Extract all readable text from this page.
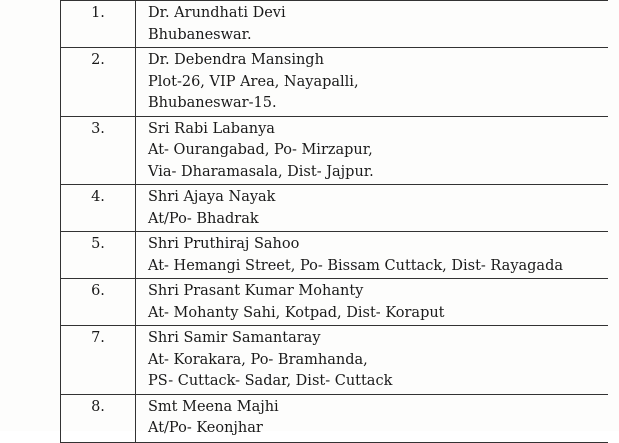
1.	Dr. Arundhati Devi
Bhubaneswar.

2.	Dr. Debendra Mansingh
Plot-26, VIP Area, Nayapalli,
Bhubaneswar-15.

3.	Sri Rabi Labanya
At- Ourangabad, Po- Mirzapur,
Via- Dharamasala, Dist- Jajpur.

4.	Shri Ajaya Nayak
At/Po- Bhadrak

5.	Shri Pruthiraj Sahoo
At- Hemangi Street, Po- Bissam Cuttack, Dist- Rayagada

6.	Shri Prasant Kumar Mohanty
At- Mohanty Sahi, Kotpad, Dist- Koraput

7.	Shri Samir Samantaray
At- Korakara, Po- Bramhanda,
PS- Cuttack- Sadar, Dist- Cuttack

8.	Smt Meena Majhi
At/Po- Keonjhar
